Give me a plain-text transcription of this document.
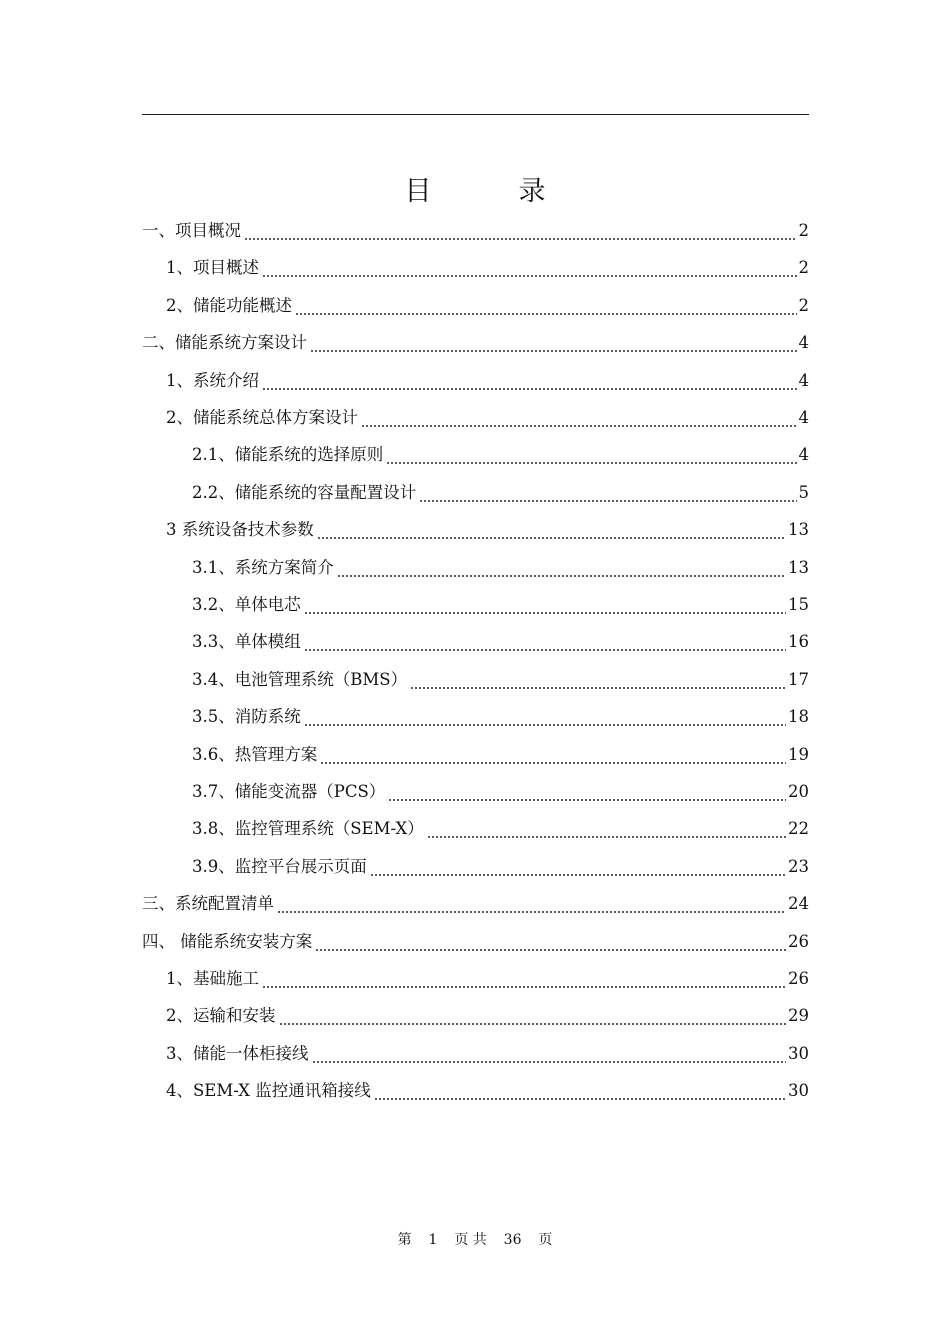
目　录
一、项目概况	2
1、项目概述	2
2、储能功能概述	2
二、储能系统方案设计	4
1、系统介绍	4
2、储能系统总体方案设计	4
2.1、储能系统的选择原则	4
2.2、储能系统的容量配置设计	5
3 系统设备技术参数	13
3.1、系统方案简介	13
3.2、单体电芯	15
3.3、单体模组	16
3.4、电池管理系统（BMS）	17
3.5、消防系统	18
3.6、热管理方案	19
3.7、储能变流器（PCS）	20
3.8、监控管理系统（SEM-X）	22
3.9、监控平台展示页面	23
三、系统配置清单	24
四、 储能系统安装方案	26
1、基础施工	26
2、运输和安装	29
3、储能一体柜接线	30
4、SEM-X 监控通讯箱接线	30
第 1 页 共 36 页
